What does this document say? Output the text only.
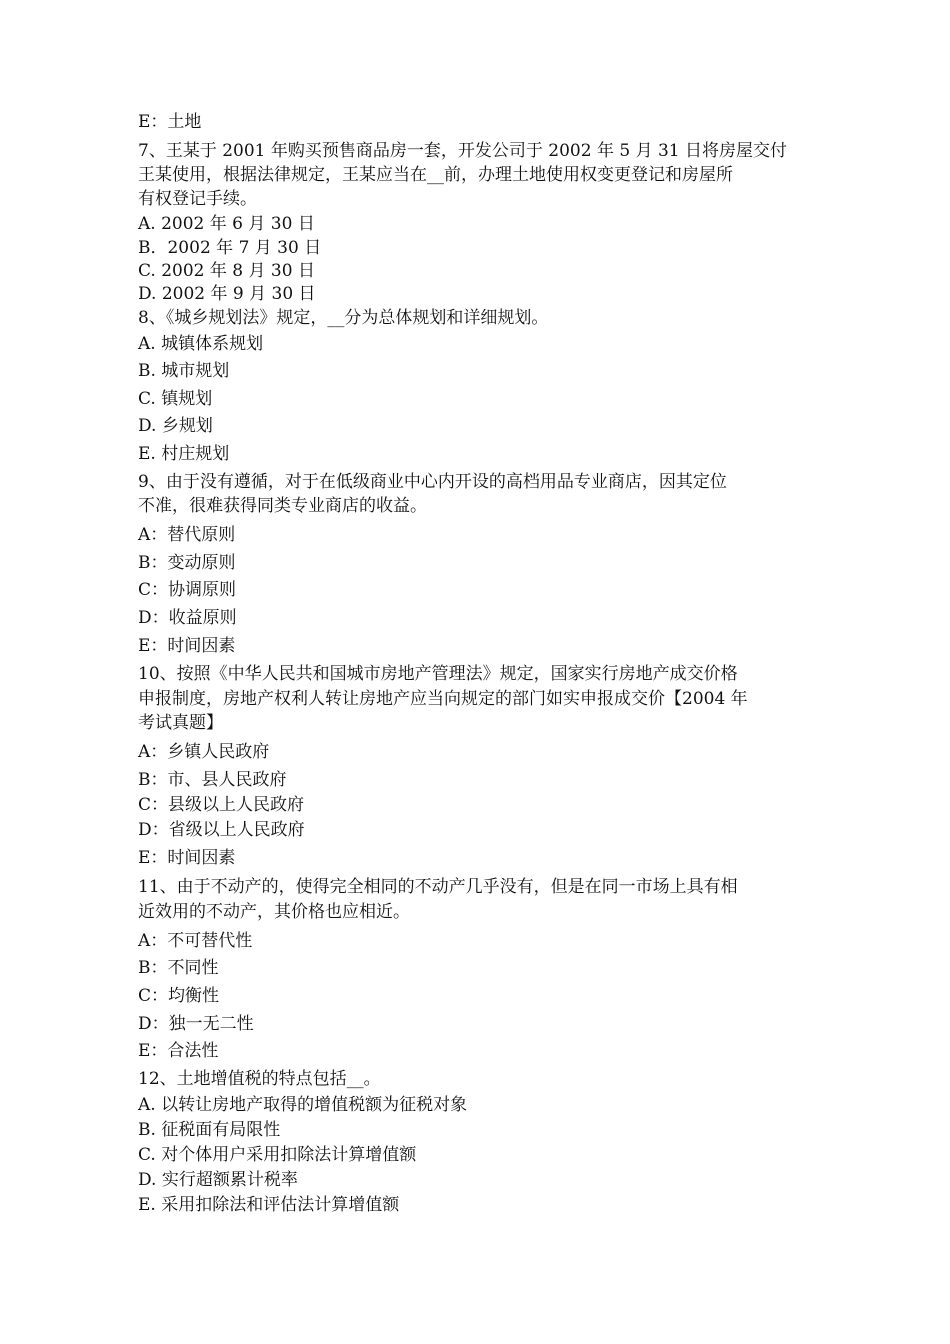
E：土地
7、王某于 2001 年购买预售商品房一套，开发公司于 2002 年 5 月 31 日将房屋交付
王某使用，根据法律规定，王某应当在__前，办理土地使用权变更登记和房屋所
有权登记手续。
A. 2002 年 6 月 30 日
B．2002 年 7 月 30 日
C. 2002 年 8 月 30 日
D. 2002 年 9 月 30 日
8、《城乡规划法》规定，__分为总体规划和详细规划。
A. 城镇体系规划
B. 城市规划
C. 镇规划
D. 乡规划
E. 村庄规划
9、由于没有遵循，对于在低级商业中心内开设的高档用品专业商店，因其定位
不准，很难获得同类专业商店的收益。
A：替代原则
B：变动原则
C：协调原则
D：收益原则
E：时间因素
10、按照《中华人民共和国城市房地产管理法》规定，国家实行房地产成交价格
申报制度，房地产权利人转让房地产应当向规定的部门如实申报成交价【2004 年
考试真题】
A：乡镇人民政府
B：市、县人民政府
C：县级以上人民政府
D：省级以上人民政府
E：时间因素
11、由于不动产的，使得完全相同的不动产几乎没有，但是在同一市场上具有相
近效用的不动产，其价格也应相近。
A：不可替代性
B：不同性
C：均衡性
D：独一无二性
E：合法性
12、土地增值税的特点包括__。
A. 以转让房地产取得的增值税额为征税对象
B. 征税面有局限性
C. 对个体用户采用扣除法计算增值额
D. 实行超额累计税率
E. 采用扣除法和评估法计算增值额
